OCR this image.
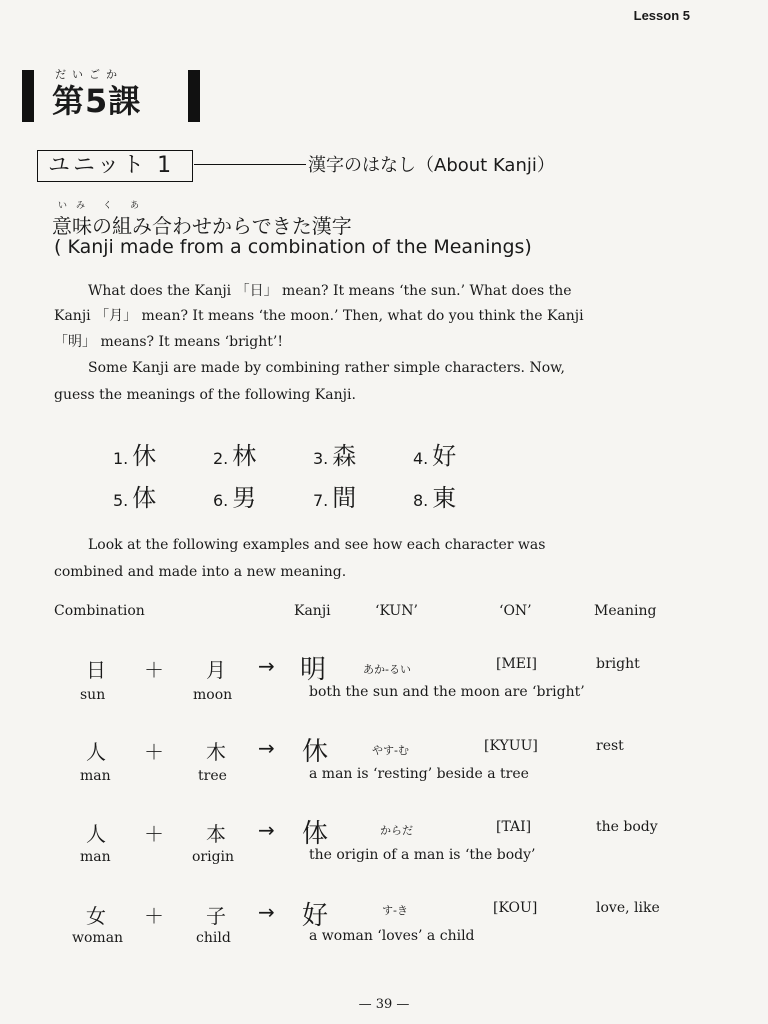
Lesson 5
だいごか
第5課
ユニット 1	漢字のはなし（About Kanji）
い　み　　く　　あ
意味の組み合わせからできた漢字
( Kanji made from a combination of the Meanings)
What does the Kanji 「日」 mean? It means ‘the sun.’ What does the
Kanji 「月」 mean? It means ‘the moon.’ Then, what do you think the Kanji
「明」 means? It means ‘bright’!
Some Kanji are made by combining rather simple characters. Now,
guess the meanings of the following Kanji.
1. 休	2. 林	3. 森	4. 好
5. 体	6. 男	7. 間	8. 東
Look at the following examples and see how each character was
combined and made into a new meaning.
Combination	Kanji	‘KUN’	‘ON’	Meaning
日 ＋ 月 → 明	あか-るい	[MEI]	bright
sun	moon	both the sun and the moon are ‘bright’
人 ＋ 木 → 休	やす-む	[KYUU]	rest
man	tree	a man is ‘resting’ beside a tree
人 ＋ 本 → 体	からだ	[TAI]	the body
man	origin	the origin of a man is ‘the body’
女 ＋ 子 → 好	す-き	[KOU]	love, like
woman	child	a woman ‘loves’ a child
— 39 —
